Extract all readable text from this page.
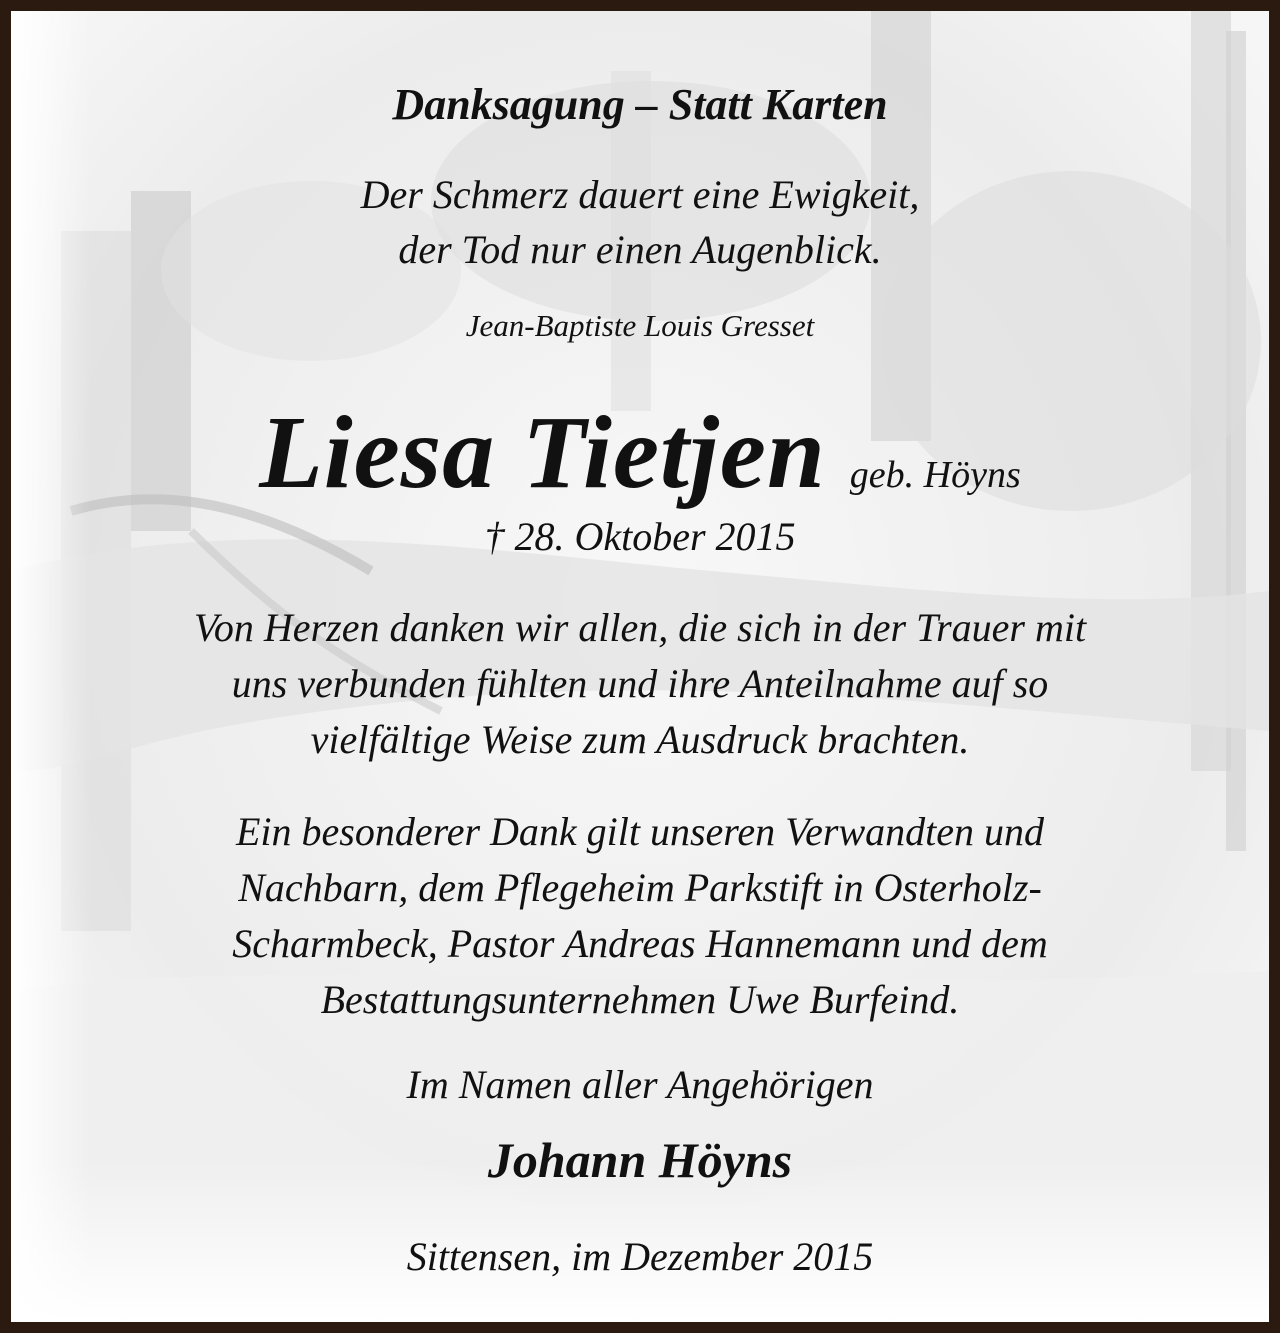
Danksagung – Statt Karten
Der Schmerz dauert eine Ewigkeit,
der Tod nur einen Augenblick.
Jean-Baptiste Louis Gresset
Liesa Tietjen geb. Höyns
† 28. Oktober 2015
Von Herzen danken wir allen, die sich in der Trauer mit
uns verbunden fühlten und ihre Anteilnahme auf so
vielfältige Weise zum Ausdruck brachten.
Ein besonderer Dank gilt unseren Verwandten und
Nachbarn, dem Pflegeheim Parkstift in Osterholz-
Scharmbeck, Pastor Andreas Hannemann und dem
Bestattungsunternehmen Uwe Burfeind.
Im Namen aller Angehörigen
Johann Höyns
Sittensen, im Dezember 2015
